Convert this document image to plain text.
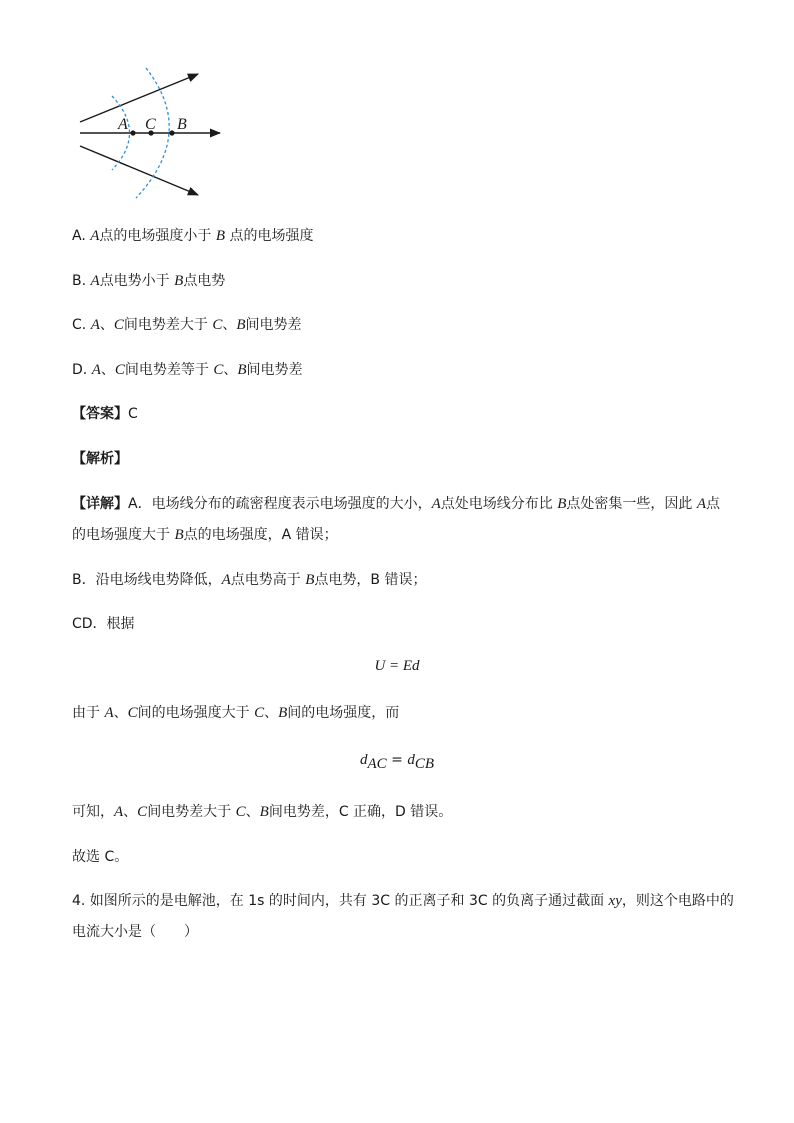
A C B
A. A点的电场强度小于 B 点的电场强度
B. A点电势小于 B点电势
C. A、C间电势差大于 C、B间电势差
D. A、C间电势差等于 C、B间电势差
【答案】C
【解析】
【详解】A．电场线分布的疏密程度表示电场强度的大小，A点处电场线分布比 B点处密集一些，因此 A点
的电场强度大于 B点的电场强度，A 错误；
B．沿电场线电势降低，A点电势高于 B点电势，B 错误；
CD．根据
U = Ed
由于 A、C间的电场强度大于 C、B间的电场强度，而
$d_{AC} = d_{CB}$
可知，A、C间电势差大于 C、B间电势差，C 正确，D 错误。
故选 C。
4. 如图所示的是电解池，在 1s 的时间内，共有 3C 的正离子和 3C 的负离子通过截面 xy，则这个电路中的
电流大小是（　　）
